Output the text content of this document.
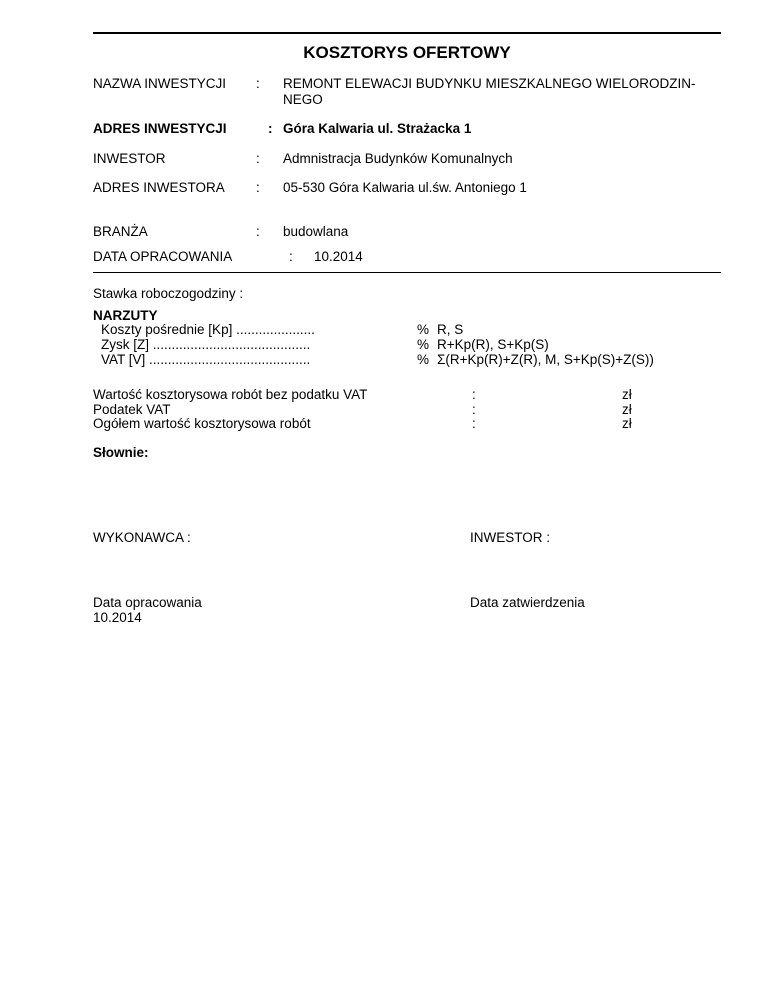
KOSZTORYS OFERTOWY
NAZWA INWESTYCJI : REMONT ELEWACJI BUDYNKU MIESZKALNEGO WIELORODZIN-
NEGO
ADRES INWESTYCJI	: Góra Kalwaria ul. Strażacka 1
INWESTOR	: Admnistracja Budynków Komunalnych
ADRES INWESTORA : 05-530 Góra Kalwaria ul.św. Antoniego 1
BRANŻA	: budowlana
DATA OPRACOWANIA	: 10.2014
Stawka roboczogodziny :
NARZUTY
Koszty pośrednie [Kp] .....................	% R, S
Zysk [Z] ..........................................	% R+Kp(R), S+Kp(S)
VAT [V] ...........................................	% Σ(R+Kp(R)+Z(R), M, S+Kp(S)+Z(S))
Wartość kosztorysowa robót bez podatku VAT	:	zł
Podatek VAT	:	zł
Ogółem wartość kosztorysowa robót	:	zł
Słownie:
WYKONAWCA :	INWESTOR :
Data opracowania
10.2014
Data zatwierdzenia
